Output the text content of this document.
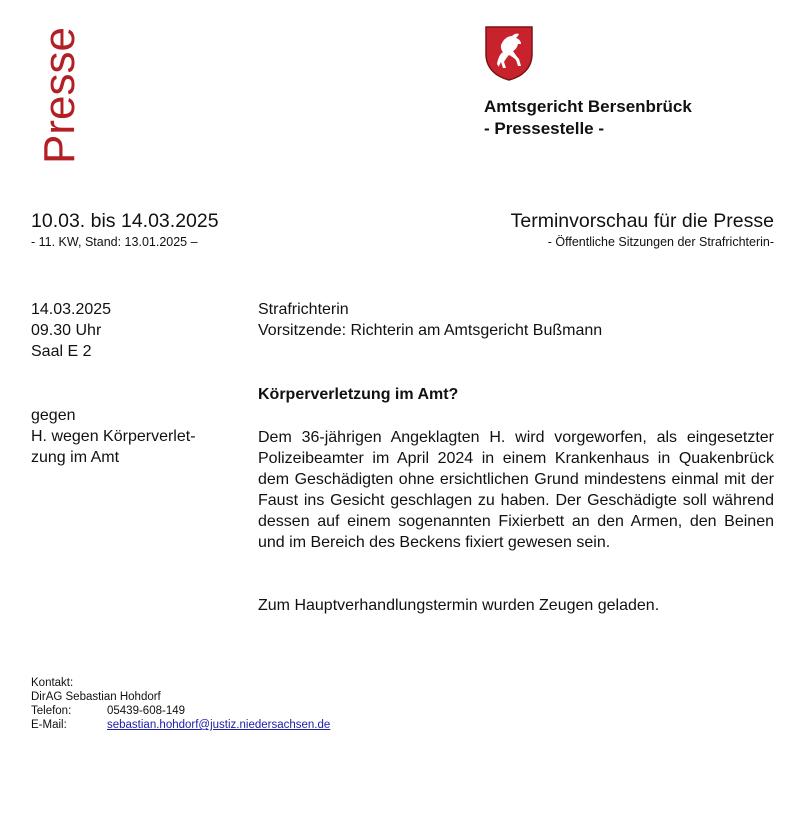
Presse	Amtsgericht Bersenbrück
- Pressestelle -
10.03. bis 14.03.2025
- 11. KW, Stand: 13.01.2025 –
Terminvorschau für die Presse
- Öffentliche Sitzungen der Strafrichterin-
14.03.2025
09.30 Uhr
Saal E 2
Strafrichterin
Vorsitzende: Richterin am Amtsgericht Bußmann
Körperverletzung im Amt?
gegen
H. wegen Körperverlet-
zung im Amt
Dem 36-jährigen Angeklagten H. wird vorgeworfen, als eingesetzter Polizeibeamter im April 2024 in einem Krankenhaus in Quakenbrück dem Geschädigten ohne ersichtlichen Grund mindestens einmal mit der Faust ins Gesicht geschlagen zu haben. Der Geschädigte soll während dessen auf einem sogenannten Fixierbett an den Armen, den Beinen und im Bereich des Beckens fixiert gewesen sein.
Zum Hauptverhandlungstermin wurden Zeugen geladen.
Kontakt:
DirAG Sebastian Hohdorf
Telefon:	05439-608-149
E-Mail:	sebastian.hohdorf@justiz.niedersachsen.de
